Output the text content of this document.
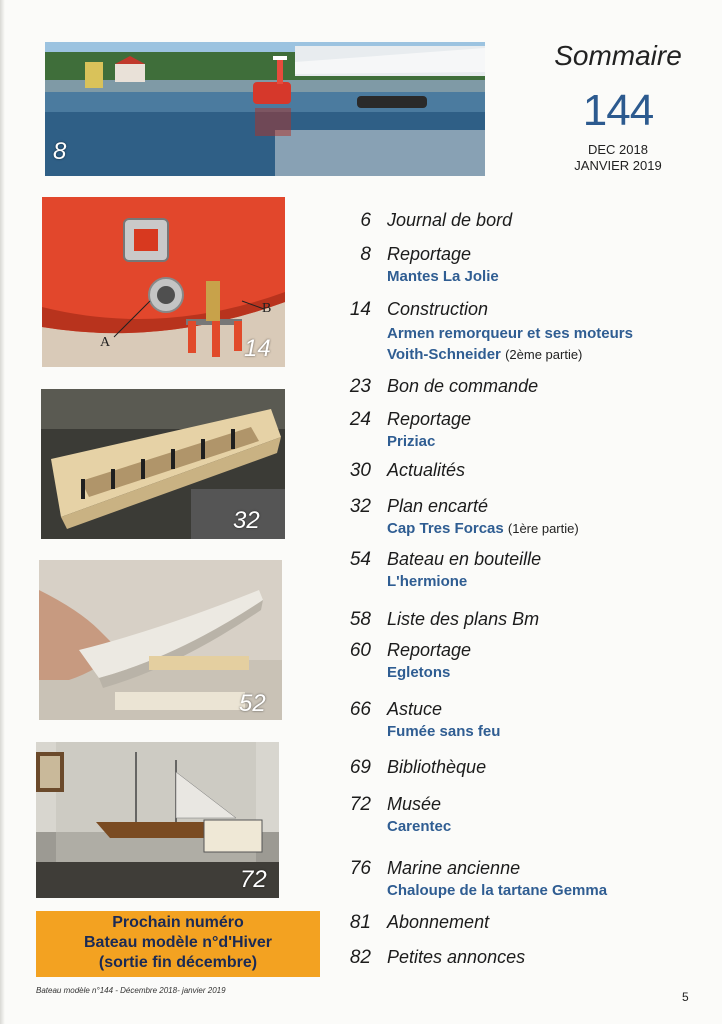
Sommaire
144
DEC 2018
JANVIER 2019
8
A
B
14
32
52
72
6 Journal de bord
8 Reportage
Mantes La Jolie
14 Construction
Armen remorqueur et ses moteurs
Voith-Schneider (2ème partie)
23 Bon de commande
24 Reportage
Priziac
30 Actualités
32 Plan encarté
Cap Tres Forcas (1ère partie)
54 Bateau en bouteille
L'hermione
58 Liste des plans Bm
60 Reportage
Egletons
66 Astuce
Fumée sans feu
69 Bibliothèque
72 Musée
Carentec
76 Marine ancienne
Chaloupe de la tartane Gemma
81 Abonnement
82 Petites annonces
Prochain numéro
Bateau modèle n°d'Hiver
(sortie fin décembre)
Bateau modèle n°144 - Décembre 2018- janvier 2019	5
